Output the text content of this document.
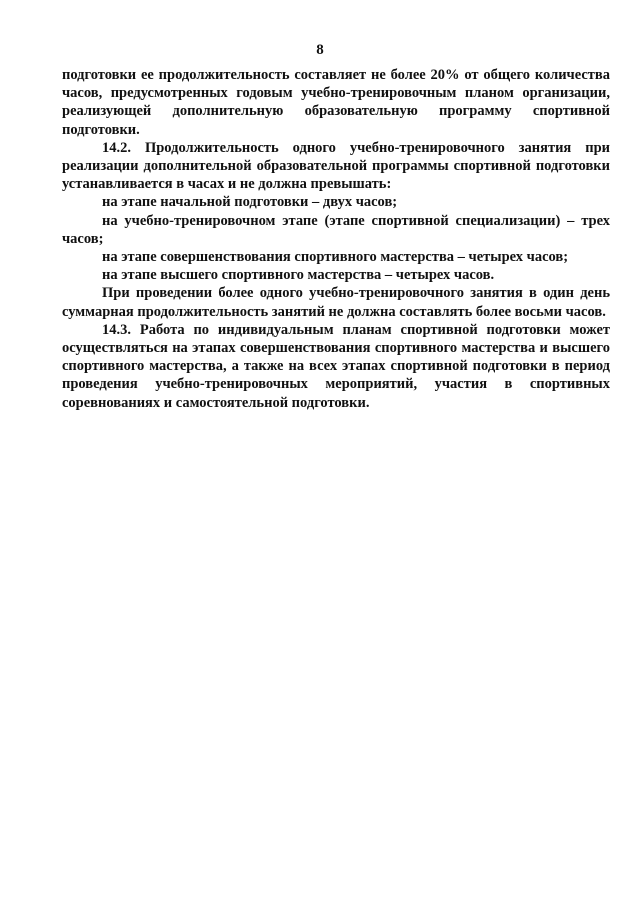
8

подготовки ее продолжительность составляет не более 20% от общего количества часов, предусмотренных годовым учебно-тренировочным планом организации, реализующей дополнительную образовательную программу спортивной подготовки.

14.2. Продолжительность одного учебно-тренировочного занятия при реализации дополнительной образовательной программы спортивной подготовки устанавливается в часах и не должна превышать:

на этапе начальной подготовки – двух часов;

на учебно-тренировочном этапе (этапе спортивной специализации) – трех часов;

на этапе совершенствования спортивного мастерства – четырех часов;

на этапе высшего спортивного мастерства – четырех часов.

При проведении более одного учебно-тренировочного занятия в один день суммарная продолжительность занятий не должна составлять более восьми часов.

14.3. Работа по индивидуальным планам спортивной подготовки может осуществляться на этапах совершенствования спортивного мастерства и высшего спортивного мастерства, а также на всех этапах спортивной подготовки в период проведения учебно-тренировочных мероприятий, участия в спортивных соревнованиях и самостоятельной подготовки.
